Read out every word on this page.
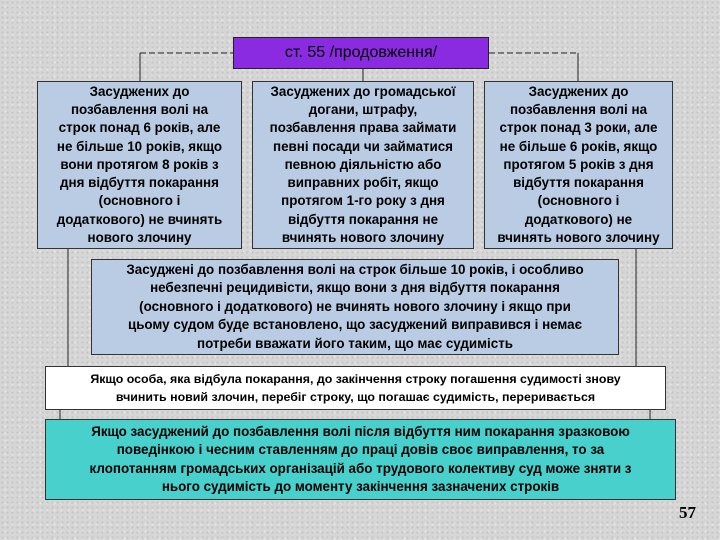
ст. 55 /продовження/

Засуджених до

позбавлення волі на

строк понад 6 років, але

не більше 10 років, якщо

вони протягом 8 років з

дня відбуття покарання

(основного і

додаткового) не вчинять

нового злочину

Засуджених до громадської

догани, штрафу,

позбавлення права займати

певні посади чи займатися

певною діяльністю або

виправних робіт, якщо

протягом 1-го року з дня

відбуття покарання не

вчинять нового злочину

Засуджених до

позбавлення волі на

строк понад 3 роки, але

не більше 6 років, якщо

протягом 5 років з дня

відбуття покарання

(основного і

додаткового) не

вчинять нового злочину

Засуджені до позбавлення волі на строк більше 10 років, і особливо
небезпечні рецидивісти, якщо вони з дня відбуття покарання
(основного і додаткового) не вчинять нового злочину і якщо при
цьому судом буде встановлено, що засуджений виправився і немає
потреби вважати його таким, що має судимість
Якщо особа, яка відбула покарання, до закінчення строку погашення судимості знову
вчинить новий злочин, перебіг строку, що погашає судимість, переривається
Якщо засуджений до позбавлення волі після відбуття ним покарання зразковою
поведінкою і чесним ставленням до праці довів своє виправлення, то за
клопотанням громадських організацій або трудового колективу суд може зняти з
нього судимість до моменту закінчення зазначених строків
57
